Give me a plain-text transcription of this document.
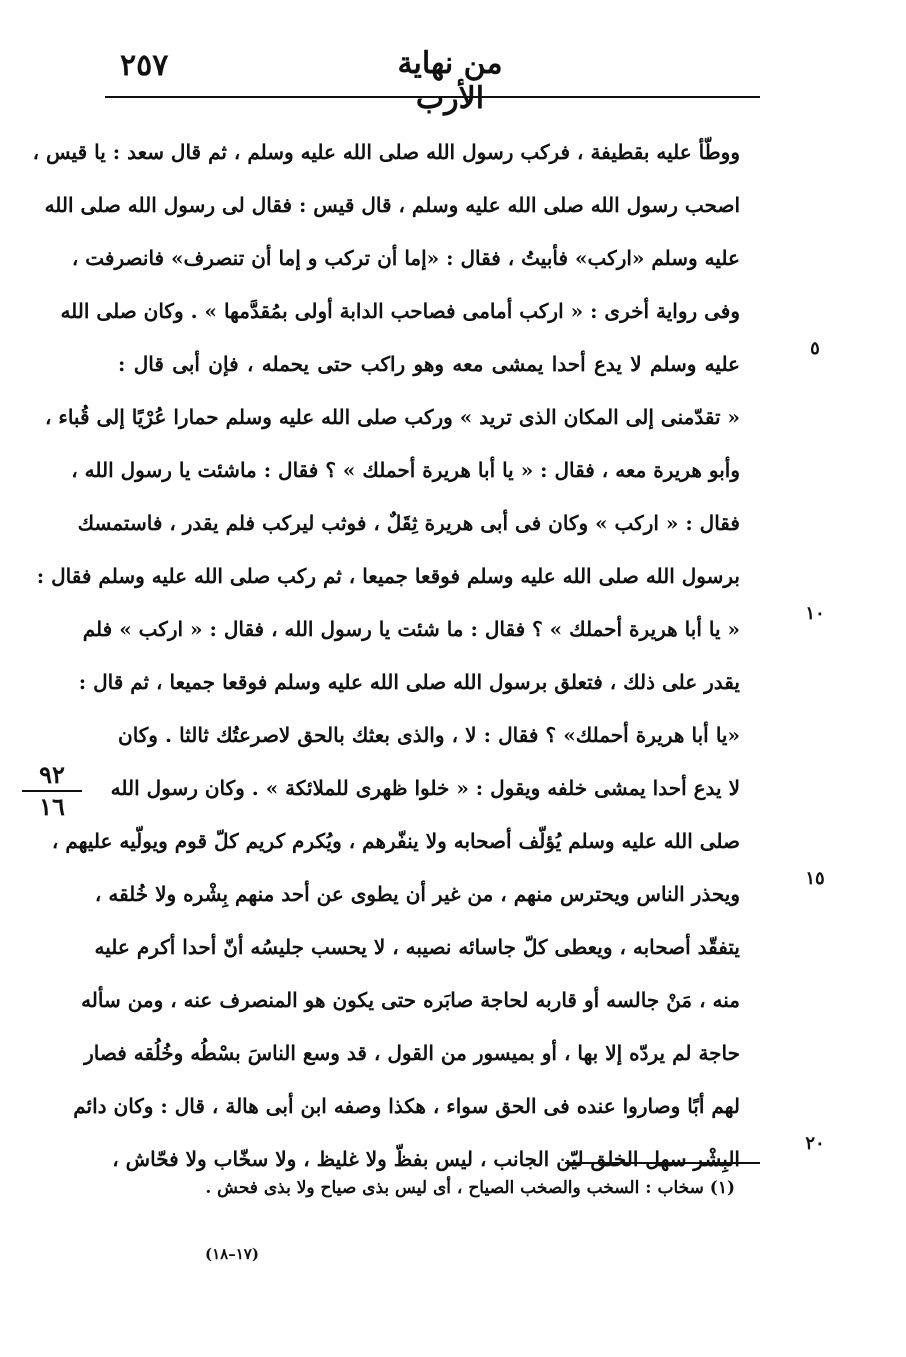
٢٥٧	من نهاية الأرب
ووطّأ عليه بقطيفة ، فركب رسول الله صلى الله عليه وسلم ، ثم قال سعد : يا قيس ،
اصحب رسول الله صلى الله عليه وسلم ، قال قيس : فقال لى رسول الله صلى الله
عليه وسلم «اركب» فأبيتُ ، فقال : «إما أن تركب و إما أن تنصرف» فانصرفت ،
وفى رواية أخرى : « اركب أمامى فصاحب الدابة أولى بمُقدَّمها » . وكان صلى الله
عليه وسلم لا يدع أحدا يمشى معه وهو راكب حتى يحمله ، فإن أبى قال :
« تقدّمنى إلى المكان الذى تريد » وركب صلى الله عليه وسلم حمارا عُرْيًا إلى قُباء ،
وأبو هريرة معه ، فقال : « يا أبا هريرة أحملك » ؟ فقال : ماشئت يا رسول الله ،
فقال : « اركب » وكان فى أبى هريرة ثِقَلٌ ، فوثب ليركب فلم يقدر ، فاستمسك
برسول الله صلى الله عليه وسلم فوقعا جميعا ، ثم ركب صلى الله عليه وسلم فقال :
« يا أبا هريرة أحملك » ؟ فقال : ما شئت يا رسول الله ، فقال : « اركب » فلم
يقدر على ذلك ، فتعلق برسول الله صلى الله عليه وسلم فوقعا جميعا ، ثم قال :
«يا أبا هريرة أحملك» ؟ فقال : لا ، والذى بعثك بالحق لاصرعتُك ثالثا . وكان
لا يدع أحدا يمشى خلفه ويقول : « خلوا ظهرى للملائكة » . وكان رسول الله
صلى الله عليه وسلم يُؤلّف أصحابه ولا ينفّرهم ، ويُكرم كريم كلّ قوم ويولّيه عليهم ،
ويحذر الناس ويحترس منهم ، من غير أن يطوى عن أحد منهم بِشْره ولا خُلقه ،
يتفقّد أصحابه ، ويعطى كلّ جاسائه نصيبه ، لا يحسب جليسُه أنّ أحدا أكرم عليه
منه ، مَنْ جالسه أو قاربه لحاجة صابَره حتى يكون هو المنصرف عنه ، ومن سأله
حاجة لم يردّه إلا بها ، أو بميسور من القول ، قد وسع الناسَ بسْطُه وخُلُقه فصار
لهم أبًا وصاروا عنده فى الحق سواء ، هكذا وصفه ابن أبى هالة ، قال : وكان دائم
البِشْر سهل الخلق ليّن الجانب ، ليس بفظّ ولا غليظ ، ولا سخّاب ولا فحّاش ،
٥
١٠
١٥
٢٠
٩٢
١٦
(١) سخاب : السخب والصخب الصياح ، أى ليس بذى صياح ولا بذى فحش .
(١٧–١٨)
